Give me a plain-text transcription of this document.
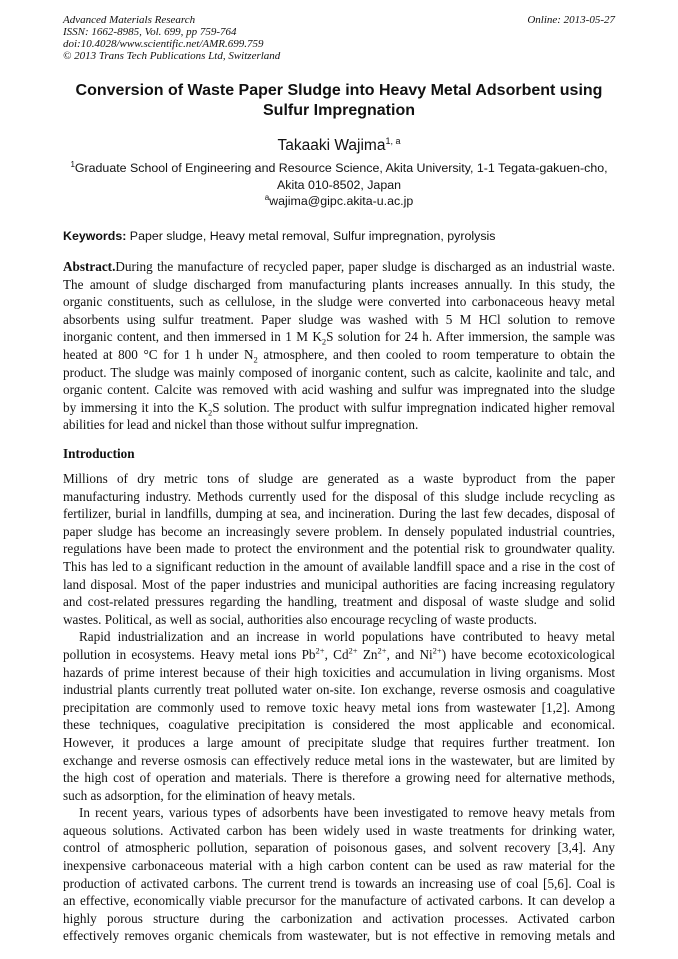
Advanced Materials Research
ISSN: 1662-8985, Vol. 699, pp 759-764
doi:10.4028/www.scientific.net/AMR.699.759
© 2013 Trans Tech Publications Ltd, Switzerland
Online: 2013-05-27
Conversion of Waste Paper Sludge into Heavy Metal Adsorbent using
Sulfur Impregnation
Takaaki Wajima$^{1, a}$
$^1$Graduate School of Engineering and Resource Science, Akita University, 1-1 Tegata-gakuen-cho,
Akita 010-8502, Japan
$^a$wajima@gipc.akita-u.ac.jp
Keywords: Paper sludge, Heavy metal removal, Sulfur impregnation, pyrolysis
Abstract.During the manufacture of recycled paper, paper sludge is discharged as an industrial waste.
The amount of sludge discharged from manufacturing plants increases annually. In this study, the
organic constituents, such as cellulose, in the sludge were converted into carbonaceous heavy metal
absorbents using sulfur treatment. Paper sludge was washed with 5 M HCl solution to remove
inorganic content, and then immersed in 1 M $K_2S$ solution for 24 h. After immersion, the sample was
heated at 800 °C for 1 h under $N_2$ atmosphere, and then cooled to room temperature to obtain the
product. The sludge was mainly composed of inorganic content, such as calcite, kaolinite and talc, and
organic content. Calcite was removed with acid washing and sulfur was impregnated into the sludge
by immersing it into the $K_2S$ solution. The product with sulfur impregnation indicated higher removal
abilities for lead and nickel than those without sulfur impregnation.
Introduction
Millions of dry metric tons of sludge are generated as a waste byproduct from the paper
manufacturing industry. Methods currently used for the disposal of this sludge include recycling as
fertilizer, burial in landfills, dumping at sea, and incineration. During the last few decades, disposal of
paper sludge has become an increasingly severe problem. In densely populated industrial countries,
regulations have been made to protect the environment and the potential risk to groundwater quality.
This has led to a significant reduction in the amount of available landfill space and a rise in the cost of
land disposal. Most of the paper industries and municipal authorities are facing increasing regulatory
and cost-related pressures regarding the handling, treatment and disposal of waste sludge and solid
wastes. Political, as well as social, authorities also encourage recycling of waste products.
Rapid industrialization and an increase in world populations have contributed to heavy metal
pollution in ecosystems. Heavy metal ions $Pb^{2+}$, $Cd^{2+}$ $Zn^{2+}$, and $Ni^{2+}$) have become ecotoxicological
hazards of prime interest because of their high toxicities and accumulation in living organisms. Most
industrial plants currently treat polluted water on-site. Ion exchange, reverse osmosis and coagulative
precipitation are commonly used to remove toxic heavy metal ions from wastewater [1,2]. Among
these techniques, coagulative precipitation is considered the most applicable and economical.
However, it produces a large amount of precipitate sludge that requires further treatment. Ion
exchange and reverse osmosis can effectively reduce metal ions in the wastewater, but are limited by
the high cost of operation and materials. There is therefore a growing need for alternative methods,
such as adsorption, for the elimination of heavy metals.
In recent years, various types of adsorbents have been investigated to remove heavy metals from
aqueous solutions. Activated carbon has been widely used in waste treatments for drinking water,
control of atmospheric pollution, separation of poisonous gases, and solvent recovery [3,4]. Any
inexpensive carbonaceous material with a high carbon content can be used as raw material for the
production of activated carbons. The current trend is towards an increasing use of coal [5,6]. Coal is
an effective, economically viable precursor for the manufacture of activated carbons. It can develop a
highly porous structure during the carbonization and activation processes. Activated carbon
effectively removes organic chemicals from wastewater, but is not effective in removing metals and
